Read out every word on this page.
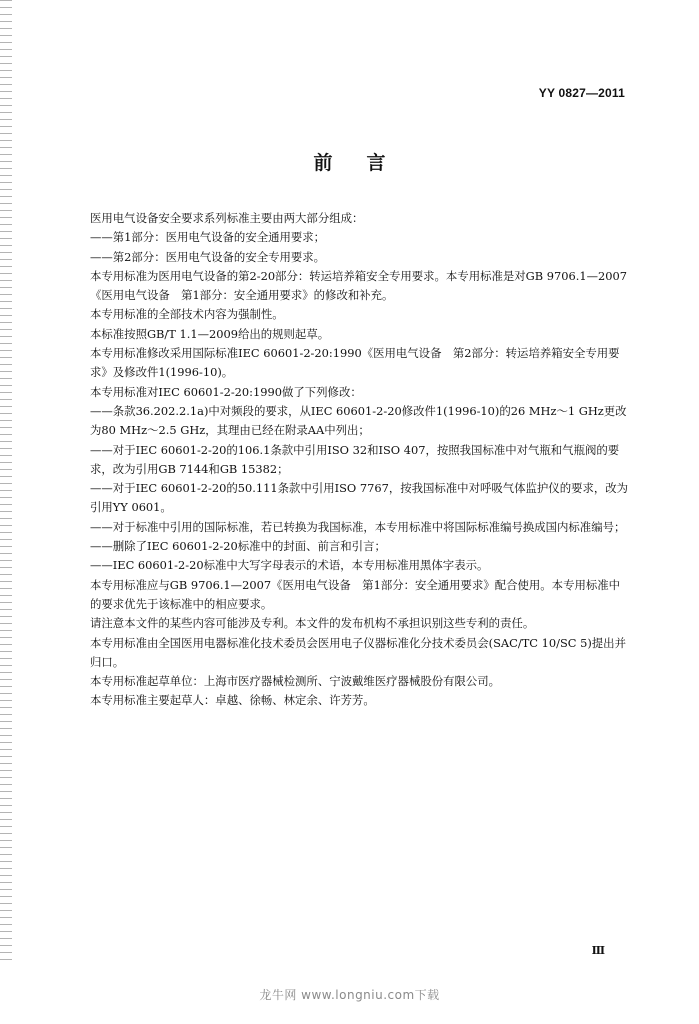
YY 0827—2011
前 言

医用电气设备安全要求系列标准主要由两大部分组成：

——第1部分：医用电气设备的安全通用要求；

——第2部分：医用电气设备的安全专用要求。

本专用标准为医用电气设备的第2-20部分：转运培养箱安全专用要求。本专用标准是对GB 9706.1—2007《医用电气设备　第1部分：安全通用要求》的修改和补充。

本专用标准的全部技术内容为强制性。

本标准按照GB/T 1.1—2009给出的规则起草。

本专用标准修改采用国际标准IEC 60601-2-20:1990《医用电气设备　第2部分：转运培养箱安全专用要求》及修改件1(1996-10)。

本专用标准对IEC 60601-2-20:1990做了下列修改：

——条款36.202.2.1a)中对频段的要求，从IEC 60601-2-20修改件1(1996-10)的26 MHz～1 GHz更改为80 MHz～2.5 GHz，其理由已经在附录AA中列出；

——对于IEC 60601-2-20的106.1条款中引用ISO 32和ISO 407，按照我国标准中对气瓶和气瓶阀的要求，改为引用GB 7144和GB 15382；

——对于IEC 60601-2-20的50.111条款中引用ISO 7767，按我国标准中对呼吸气体监护仪的要求，改为引用YY 0601。

——对于标准中引用的国际标准，若已转换为我国标准，本专用标准中将国际标准编号换成国内标准编号；

——删除了IEC 60601-2-20标准中的封面、前言和引言；

——IEC 60601-2-20标准中大写字母表示的术语，本专用标准用黑体字表示。

本专用标准应与GB 9706.1—2007《医用电气设备　第1部分：安全通用要求》配合使用。本专用标准中的要求优先于该标准中的相应要求。

请注意本文件的某些内容可能涉及专利。本文件的发布机构不承担识别这些专利的责任。

本专用标准由全国医用电器标准化技术委员会医用电子仪器标准化分技术委员会(SAC/TC 10/SC 5)提出并归口。

本专用标准起草单位：上海市医疗器械检测所、宁波戴维医疗器械股份有限公司。

本专用标准主要起草人：卓越、徐畅、林定余、许芳芳。

Ⅲ
龙牛网 www.longniu.com下载
